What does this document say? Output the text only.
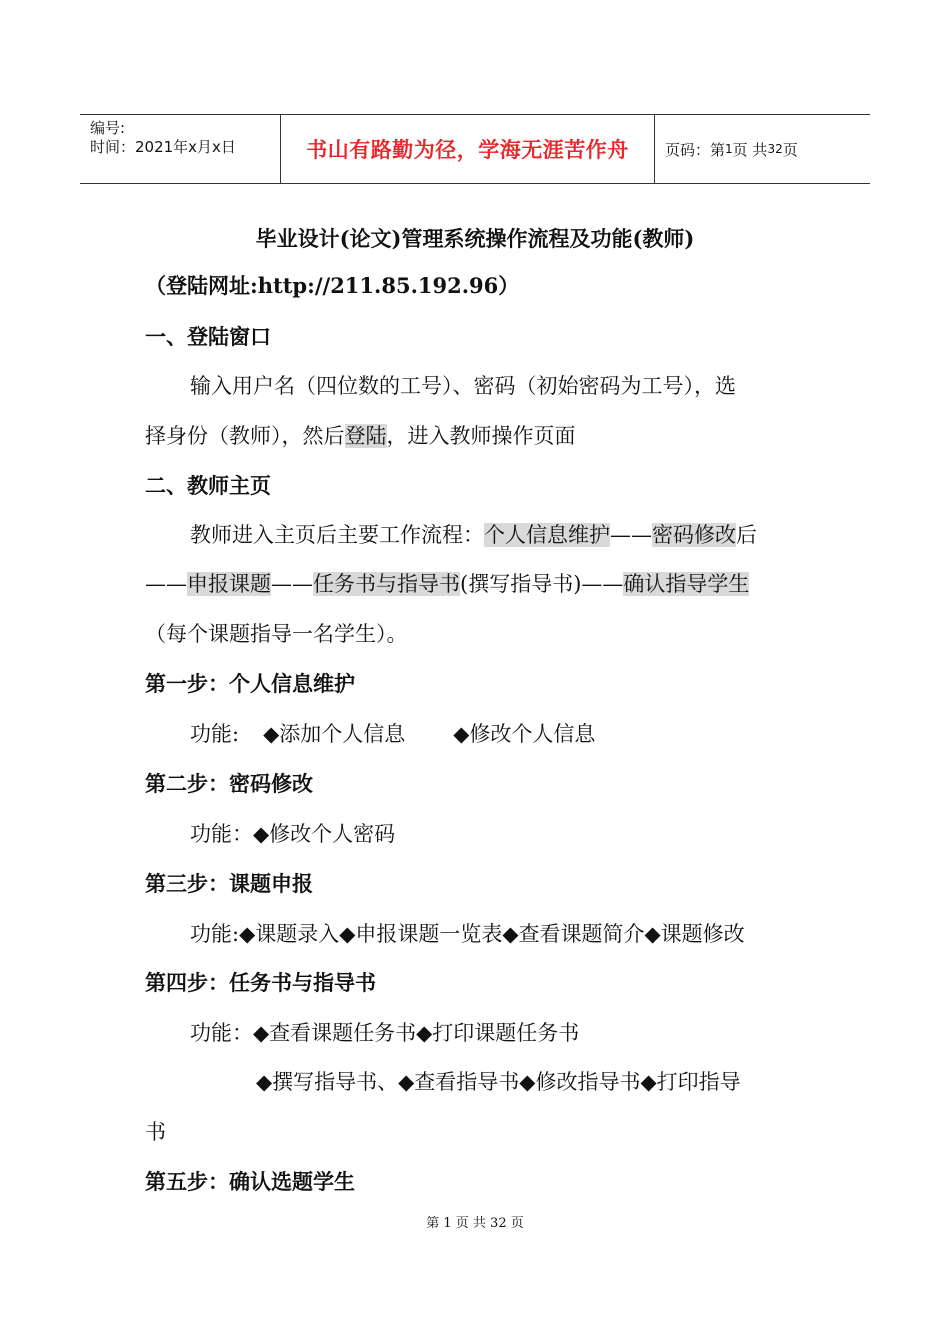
编号:
时间：2021年x月x日	书山有路勤为径，学海无涯苦作舟	页码：第 1 页 共 32 页
毕业设计(论文)管理系统操作流程及功能(教师)
（登陆网址:http://211.85.192.96）
一、登陆窗口
输入用户名（四位数的工号）、密码（初始密码为工号），选
择身份（教师），然后登陆，进入教师操作页面
二、教师主页
教师进入主页后主要工作流程：个人信息维护——密码修改后
——申报课题——任务书与指导书(撰写指导书)——确认指导学生
（每个课题指导一名学生）。
第一步：个人信息维护
功能: ◆添加个人信息 ◆修改个人信息
第二步：密码修改
功能：◆修改个人密码
第三步：课题申报
功能:◆课题录入◆申报课题一览表◆查看课题简介◆课题修改
第四步：任务书与指导书
功能：◆查看课题任务书◆打印课题任务书
◆撰写指导书、◆查看指导书◆修改指导书◆打印指导
书
第五步：确认选题学生
第 1 页 共 32 页
